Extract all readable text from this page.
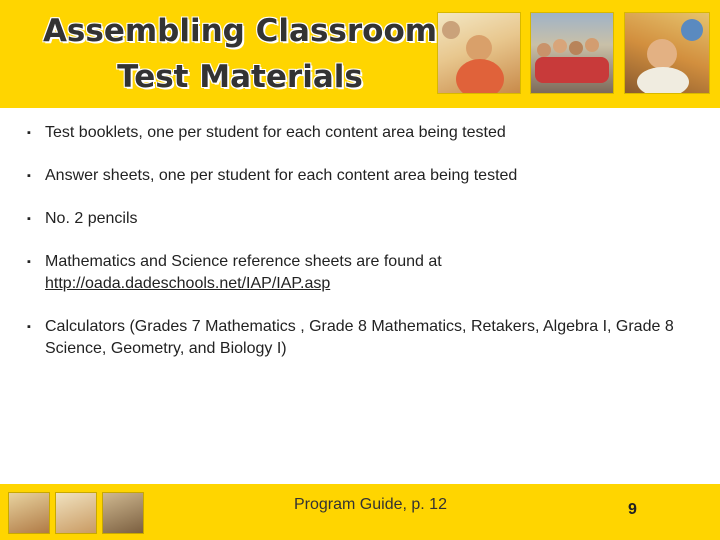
Assembling Classroom
Test Materials
▪ Test booklets, one per student for each content area being tested
▪ Answer sheets, one per student for each content area being tested
▪ No. 2 pencils
▪ Mathematics and Science reference sheets are found at http://oada.dadeschools.net/IAP/IAP.asp
▪ Calculators (Grades 7 Mathematics , Grade 8 Mathematics, Retakers, Algebra I, Grade 8 Science, Geometry, and Biology I)
Program Guide, p. 12	9
